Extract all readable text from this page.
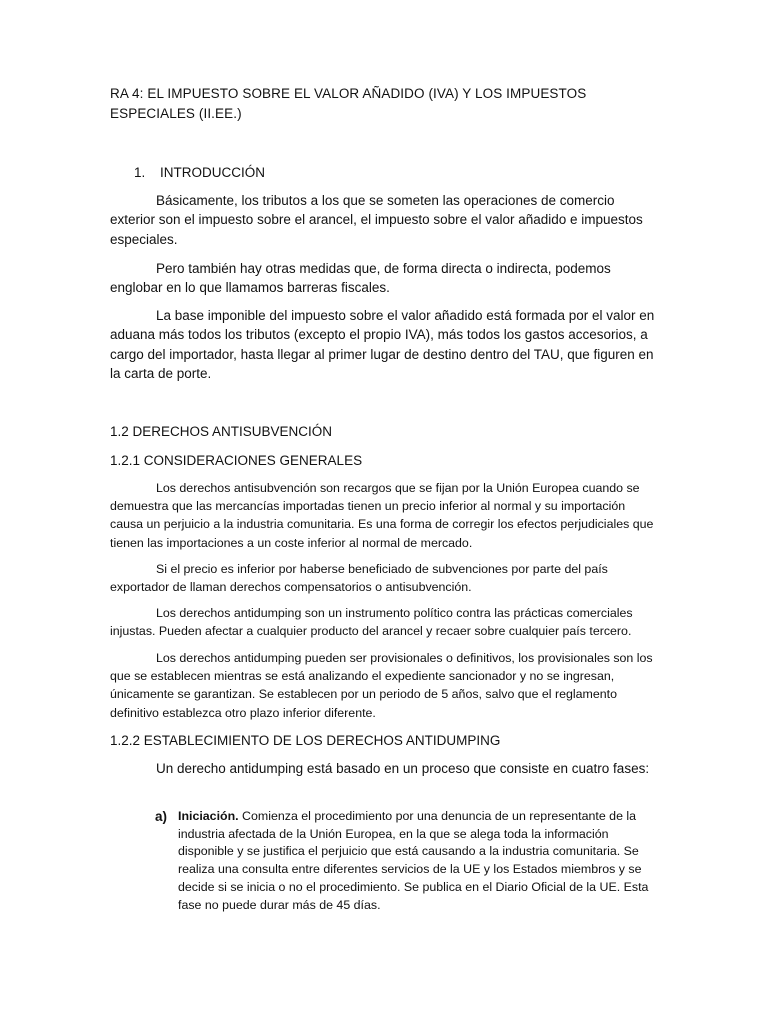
RA 4: EL IMPUESTO SOBRE EL VALOR AÑADIDO (IVA) Y LOS IMPUESTOS ESPECIALES (II.EE.)
1. INTRODUCCIÓN

Básicamente, los tributos a los que se someten las operaciones de comercio exterior son el impuesto sobre el arancel, el impuesto sobre el valor añadido e impuestos especiales.

Pero también hay otras medidas que, de forma directa o indirecta, podemos englobar en lo que llamamos barreras fiscales.

La base imponible del impuesto sobre el valor añadido está formada por el valor en aduana más todos los tributos (excepto el propio IVA), más todos los gastos accesorios, a cargo del importador, hasta llegar al primer lugar de destino dentro del TAU, que figuren en la carta de porte.

1.2 DERECHOS ANTISUBVENCIÓN

1.2.1 CONSIDERACIONES GENERALES

Los derechos antisubvención son recargos que se fijan por la Unión Europea cuando se demuestra que las mercancías importadas tienen un precio inferior al normal y su importación causa un perjuicio a la industria comunitaria. Es una forma de corregir los efectos perjudiciales que tienen las importaciones a un coste inferior al normal de mercado.

Si el precio es inferior por haberse beneficiado de subvenciones por parte del país exportador de llaman derechos compensatorios o antisubvención.

Los derechos antidumping son un instrumento político contra las prácticas comerciales injustas. Pueden afectar a cualquier producto del arancel y recaer sobre cualquier país tercero.

Los derechos antidumping pueden ser provisionales o definitivos, los provisionales son los que se establecen mientras se está analizando el expediente sancionador y no se ingresan, únicamente se garantizan. Se establecen por un periodo de 5 años, salvo que el reglamento definitivo establezca otro plazo inferior diferente.

1.2.2 ESTABLECIMIENTO DE LOS DERECHOS ANTIDUMPING

Un derecho antidumping está basado en un proceso que consiste en cuatro fases:

a) Iniciación. Comienza el procedimiento por una denuncia de un representante de la industria afectada de la Unión Europea, en la que se alega toda la información disponible y se justifica el perjuicio que está causando a la industria comunitaria. Se realiza una consulta entre diferentes servicios de la UE y los Estados miembros y se decide si se inicia o no el procedimiento. Se publica en el Diario Oficial de la UE. Esta fase no puede durar más de 45 días.
